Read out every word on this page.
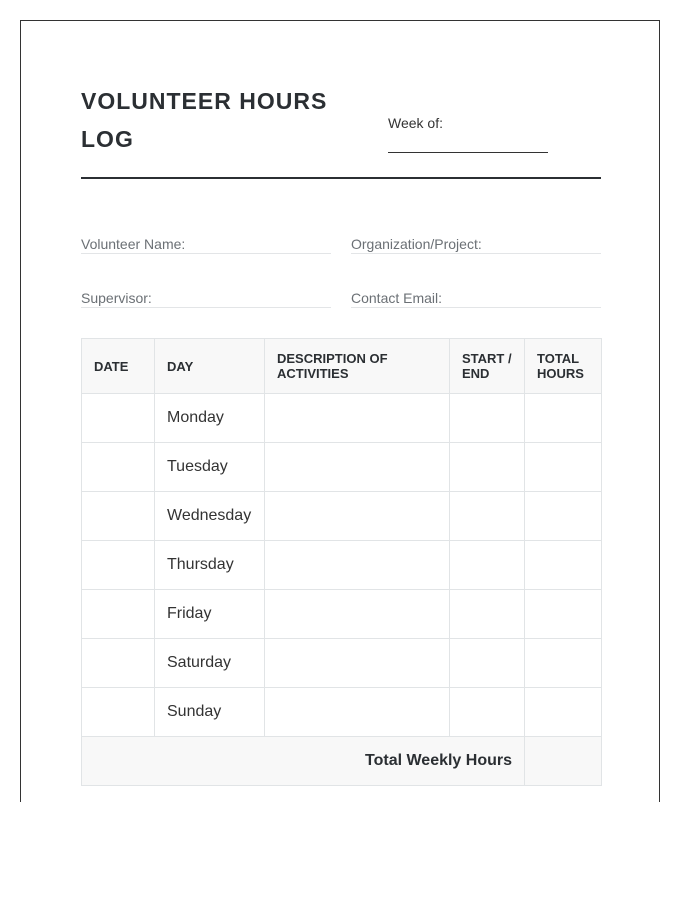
VOLUNTEER HOURS LOG
Week of:
Volunteer Name:	Organization/Project:
Supervisor:	Contact Email:
DATE	DAY	DESCRIPTION OF ACTIVITIES	START / END	TOTAL HOURS
	Monday			
	Tuesday			
	Wednesday			
	Thursday			
	Friday			
	Saturday			
	Sunday			
Total Weekly Hours				
